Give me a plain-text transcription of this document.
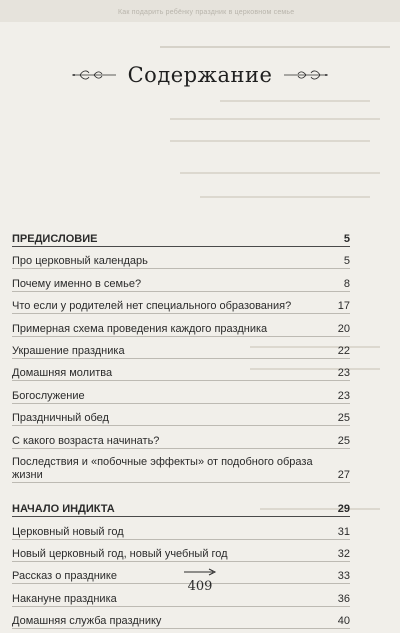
Как подарить ребёнку праздник в церковном семье
Содержание
ПРЕДИСЛОВИЕ	5
Про церковный календарь	5
Почему именно в семье?	8
Что если у родителей нет специального образования?	17
Примерная схема проведения каждого праздника	20
Украшение праздника	22
Домашняя молитва	23
Богослужение	23
Праздничный обед	25
С какого возраста начинать?	25
Последствия и «побочные эффекты» от подобного образа жизни	27
НАЧАЛО ИНДИКТА	29
Церковный новый год	31
Новый церковный год, новый учебный год	32
Рассказ о празднике	33
Накануне праздника	36
Домашняя служба празднику	40
409
